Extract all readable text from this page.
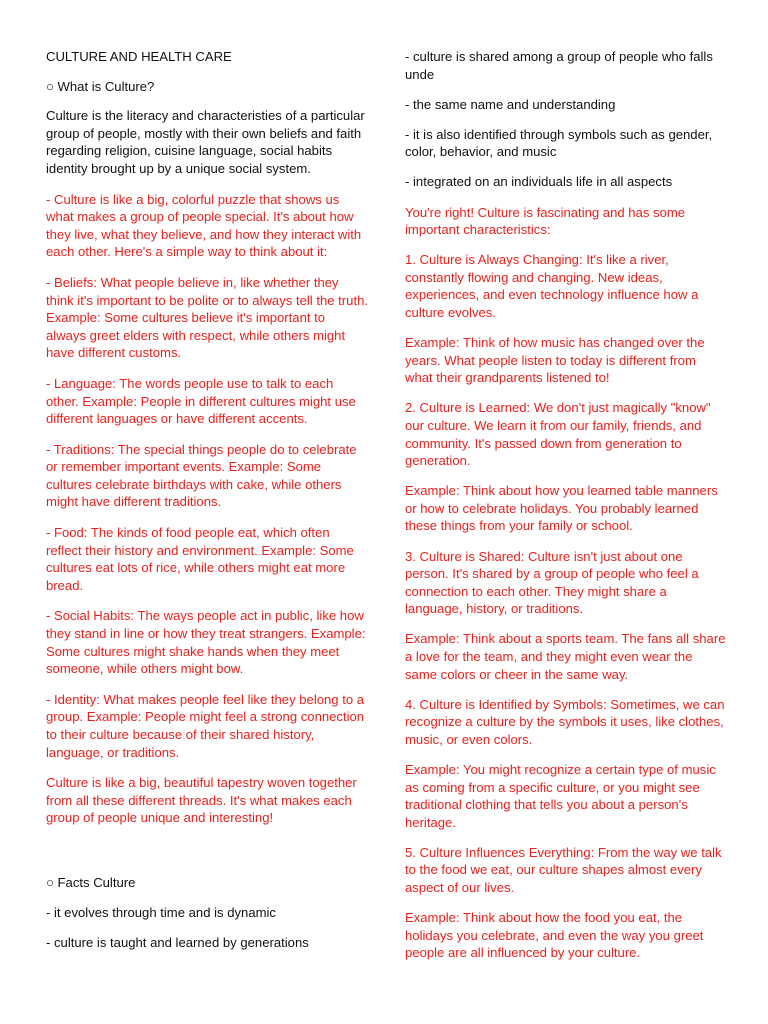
CULTURE AND HEALTH CARE

○ What is Culture?

Culture is the literacy and characteristies of a particular group of people, mostly with their own beliefs and faith regarding religion, cuisine language, social habits identity brought up by a unique social system.

- Culture is like a big, colorful puzzle that shows us what makes a group of people special. It's about how they live, what they believe, and how they interact with each other. Here's a simple way to think about it:

- Beliefs: What people believe in, like whether they think it's important to be polite or to always tell the truth. Example: Some cultures believe it's important to always greet elders with respect, while others might have different customs.

- Language: The words people use to talk to each other. Example: People in different cultures might use different languages or have different accents.

- Traditions: The special things people do to celebrate or remember important events. Example: Some cultures celebrate birthdays with cake, while others might have different traditions.

- Food: The kinds of food people eat, which often reflect their history and environment. Example: Some cultures eat lots of rice, while others might eat more bread.

- Social Habits: The ways people act in public, like how they stand in line or how they treat strangers. Example: Some cultures might shake hands when they meet someone, while others might bow.

- Identity: What makes people feel like they belong to a group. Example: People might feel a strong connection to their culture because of their shared history, language, or traditions.

Culture is like a big, beautiful tapestry woven together from all these different threads. It's what makes each group of people unique and interesting!

○ Facts Culture

- it evolves through time and is dynamic

- culture is taught and learned by generations

- culture is shared among a group of people who falls unde

- the same name and understanding

- it is also identified through symbols such as gender, color, behavior, and music

- integrated on an individuals life in all aspects

You're right! Culture is fascinating and has some important characteristics:

1. Culture is Always Changing: It's like a river, constantly flowing and changing. New ideas, experiences, and even technology influence how a culture evolves.

Example: Think of how music has changed over the years. What people listen to today is different from what their grandparents listened to!

2. Culture is Learned: We don't just magically "know" our culture. We learn it from our family, friends, and community. It's passed down from generation to generation.

Example: Think about how you learned table manners or how to celebrate holidays. You probably learned these things from your family or school.

3. Culture is Shared: Culture isn't just about one person. It's shared by a group of people who feel a connection to each other. They might share a language, history, or traditions.

Example: Think about a sports team. The fans all share a love for the team, and they might even wear the same colors or cheer in the same way.

4. Culture is Identified by Symbols: Sometimes, we can recognize a culture by the symbols it uses, like clothes, music, or even colors.

Example: You might recognize a certain type of music as coming from a specific culture, or you might see traditional clothing that tells you about a person's heritage.

5. Culture Influences Everything: From the way we talk to the food we eat, our culture shapes almost every aspect of our lives.

Example: Think about how the food you eat, the holidays you celebrate, and even the way you greet people are all influenced by your culture.
